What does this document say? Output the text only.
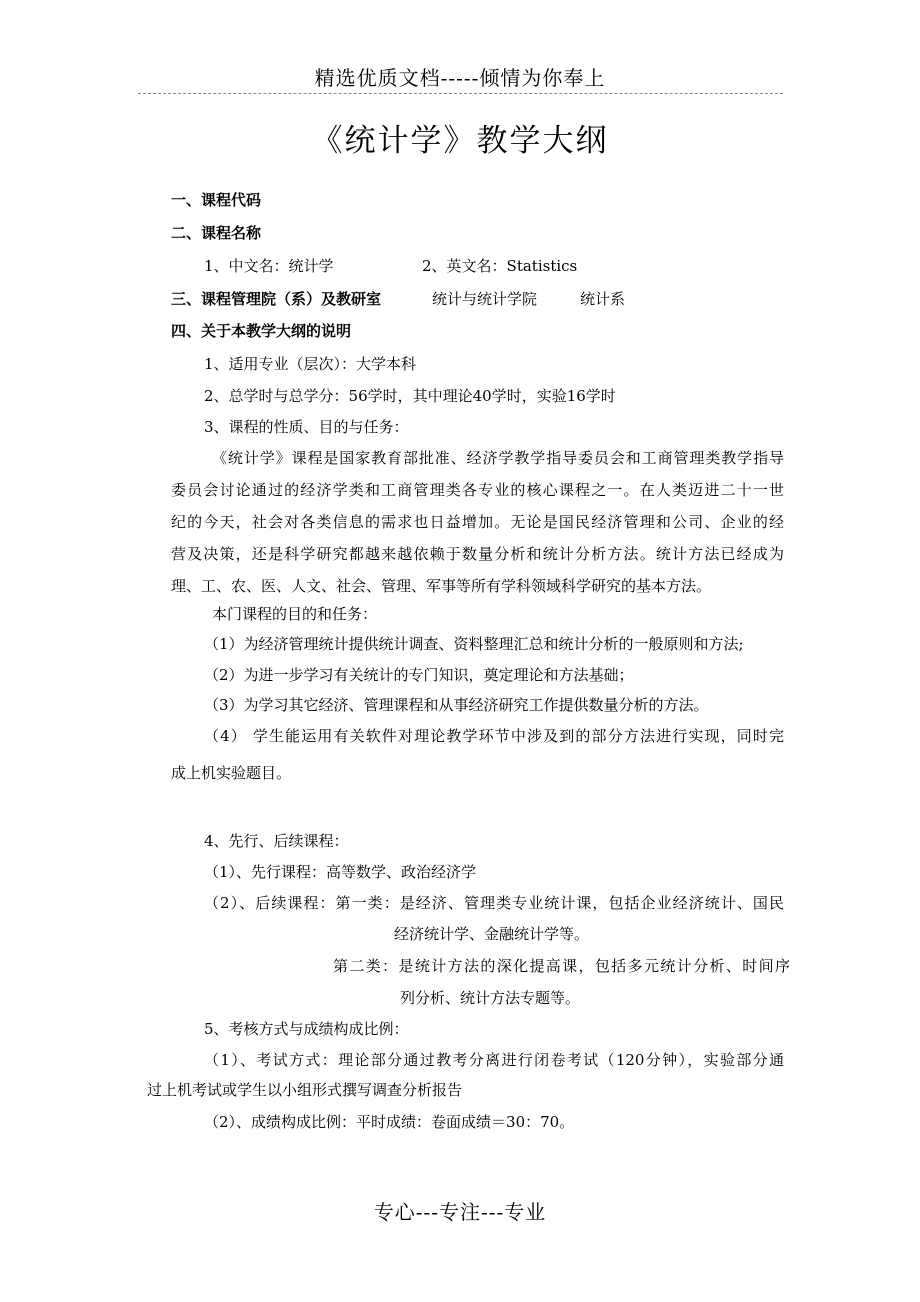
精选优质文档-----倾情为你奉上
《统计学》教学大纲
一、课程代码
二、课程名称
1、中文名：统计学	2、英文名：Statistics
三、课程管理院（系）及教研室	统计与统计学院	统计系
四、关于本教学大纲的说明
1、适用专业（层次）：大学本科
2、总学时与总学分：56学时，其中理论40学时，实验16学时
3、课程的性质、目的与任务：
《统计学》课程是国家教育部批准、经济学教学指导委员会和工商管理类教学指导
委员会讨论通过的经济学类和工商管理类各专业的核心课程之一。在人类迈进二十一世
纪的今天，社会对各类信息的需求也日益增加。无论是国民经济管理和公司、企业的经
营及决策，还是科学研究都越来越依赖于数量分析和统计分析方法。统计方法已经成为
理、工、农、医、人文、社会、管理、军事等所有学科领域科学研究的基本方法。
本门课程的目的和任务：
（1）为经济管理统计提供统计调查、资料整理汇总和统计分析的一般原则和方法;
（2）为进一步学习有关统计的专门知识，奠定理论和方法基础；
（3）为学习其它经济、管理课程和从事经济研究工作提供数量分析的方法。
（4） 学生能运用有关软件对理论教学环节中涉及到的部分方法进行实现，同时完
成上机实验题目。
4、先行、后续课程：
（1）、先行课程：高等数学、政治经济学
（2）、后续课程：第一类：是经济、管理类专业统计课，包括企业经济统计、国民
经济统计学、金融统计学等。
第二类：是统计方法的深化提高课，包括多元统计分析、时间序
列分析、统计方法专题等。
5、考核方式与成绩构成比例：
（1）、考试方式：理论部分通过教考分离进行闭卷考试（120分钟），实验部分通
过上机考试或学生以小组形式撰写调查分析报告
（2）、成绩构成比例：平时成绩：卷面成绩＝30：70。
专心---专注---专业
